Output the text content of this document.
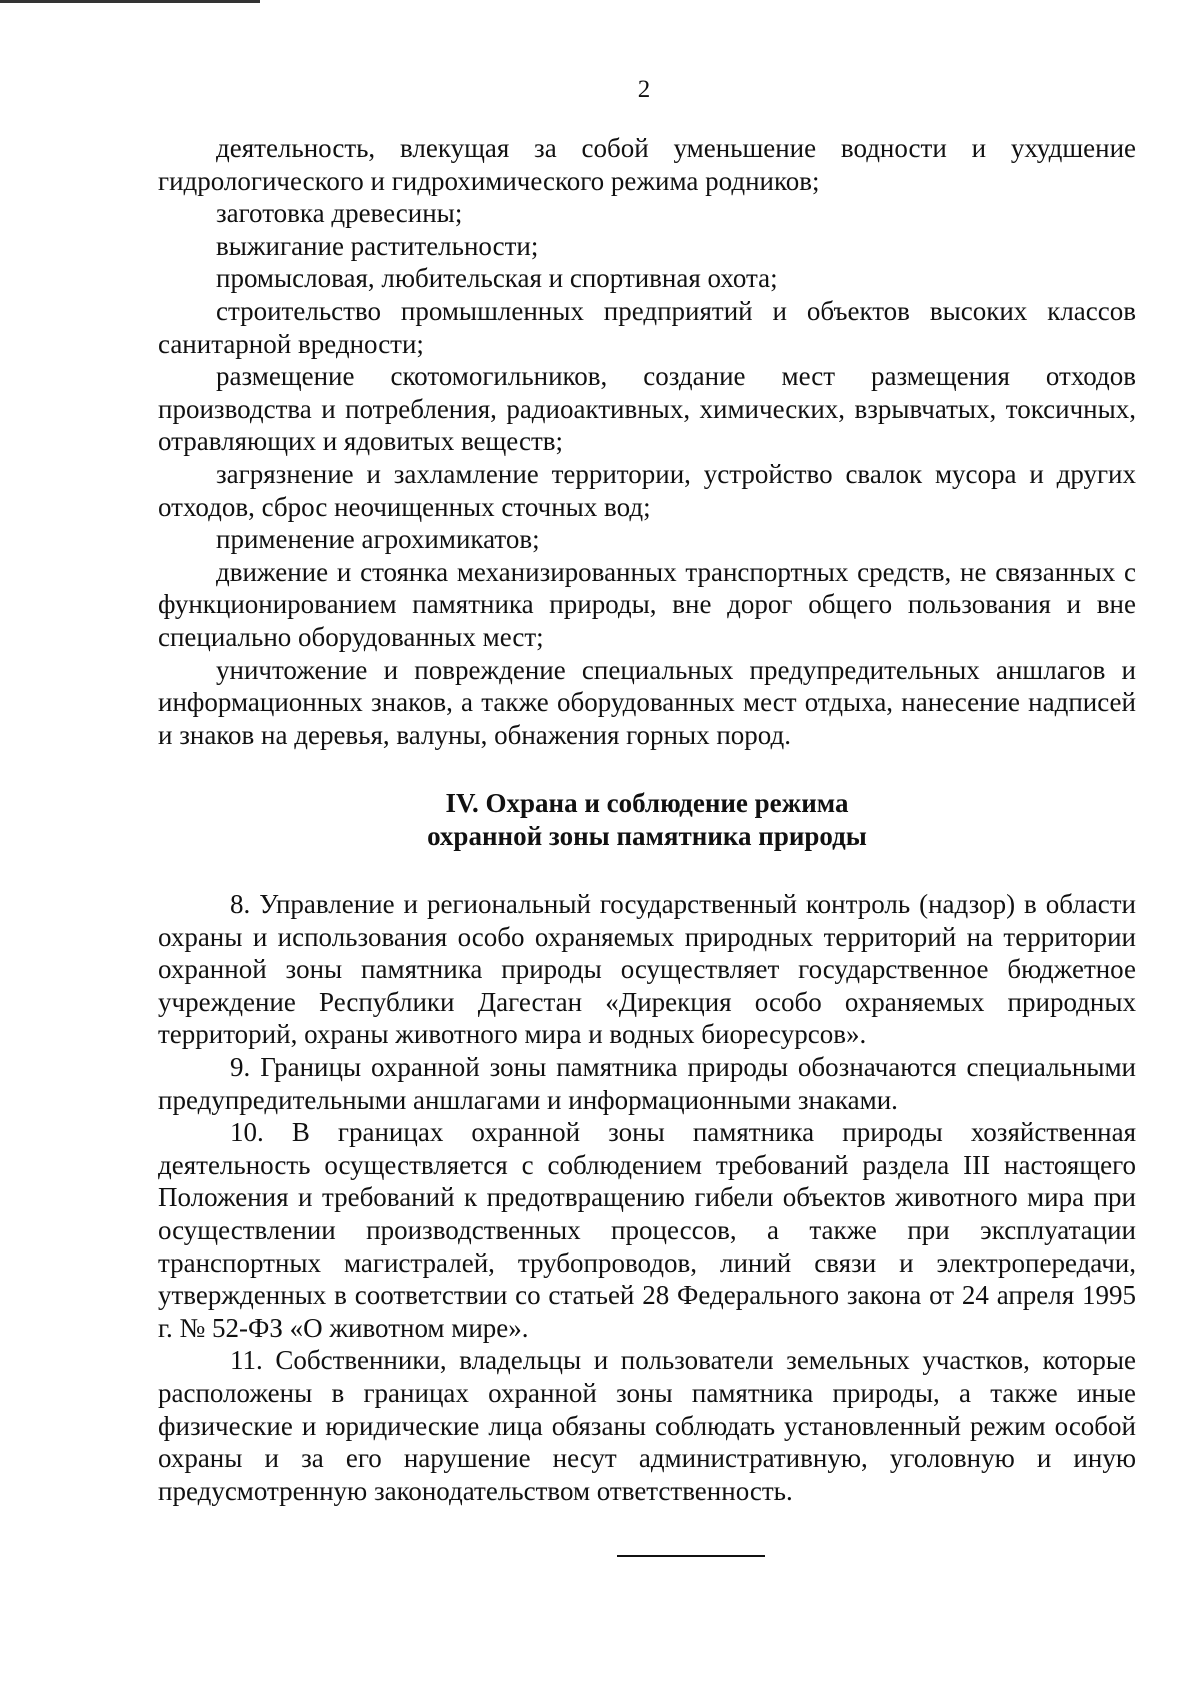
2

деятельность, влекущая за собой уменьшение водности и ухудшение гидрологического и гидрохимического режима родников;

заготовка древесины;

выжигание растительности;

промысловая, любительская и спортивная охота;

строительство промышленных предприятий и объектов высоких классов санитарной вредности;

размещение скотомогильников, создание мест размещения отходов производства и потребления, радиоактивных, химических, взрывчатых, токсичных, отравляющих и ядовитых веществ;

загрязнение и захламление территории, устройство свалок мусора и других отходов, сброс неочищенных сточных вод;

применение агрохимикатов;

движение и стоянка механизированных транспортных средств, не связанных с функционированием памятника природы, вне дорог общего пользования и вне специально оборудованных мест;

уничтожение и повреждение специальных предупредительных аншлагов и информационных знаков, а также оборудованных мест отдыха, нанесение надписей и знаков на деревья, валуны, обнажения горных пород.

IV. Охрана и соблюдение режима
охранной зоны памятника природы

8. Управление и региональный государственный контроль (надзор) в области охраны и использования особо охраняемых природных территорий на территории охранной зоны памятника природы осуществляет государственное бюджетное учреждение Республики Дагестан «Дирекция особо охраняемых природных территорий, охраны животного мира и водных биоресурсов».

9. Границы охранной зоны памятника природы обозначаются специальными предупредительными аншлагами и информационными знаками.

10. В границах охранной зоны памятника природы хозяйственная деятельность осуществляется с соблюдением требований раздела III настоящего Положения и требований к предотвращению гибели объектов животного мира при осуществлении производственных процессов, а также при эксплуатации транспортных магистралей, трубопроводов, линий связи и электропередачи, утвержденных в соответствии со статьей 28 Федерального закона от 24 апреля 1995 г. № 52-ФЗ «О животном мире».

11. Собственники, владельцы и пользователи земельных участков, которые расположены в границах охранной зоны памятника природы, а также иные физические и юридические лица обязаны соблюдать установленный режим особой охраны и за его нарушение несут административную, уголовную и иную предусмотренную законодательством ответственность.
